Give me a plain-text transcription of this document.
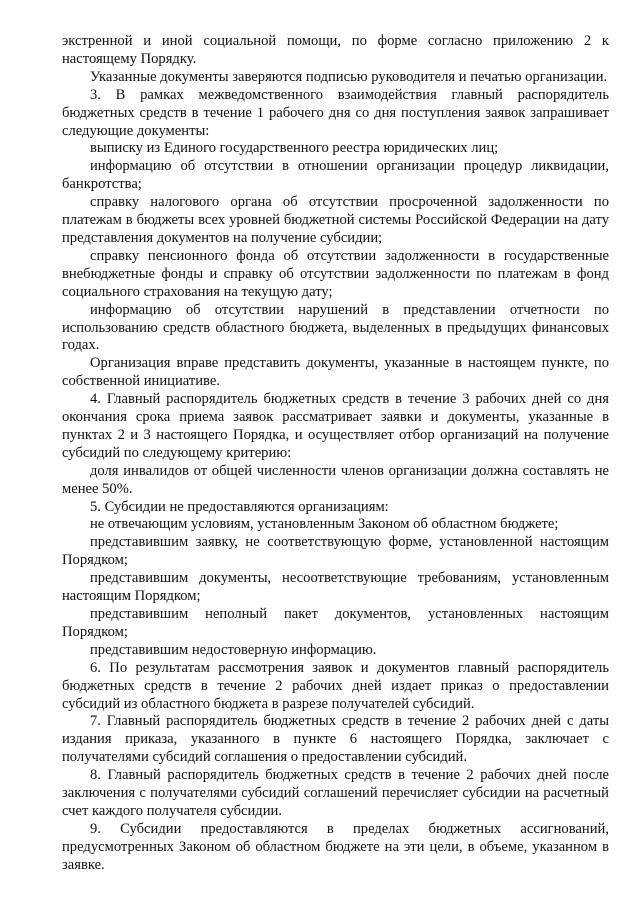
экстренной и иной социальной помощи, по форме согласно приложению 2 к настоящему Порядку.

Указанные документы заверяются подписью руководителя и печатью организации.

3. В рамках межведомственного взаимодействия главный распорядитель бюджетных средств в течение 1 рабочего дня со дня поступления заявок запрашивает следующие документы:

выписку из Единого государственного реестра юридических лиц;

информацию об отсутствии в отношении организации процедур ликвидации, банкротства;

справку налогового органа об отсутствии просроченной задолженности по платежам в бюджеты всех уровней бюджетной системы Российской Федерации на дату представления документов на получение субсидии;

справку пенсионного фонда об отсутствии задолженности в государственные внебюджетные фонды и справку об отсутствии задолженности по платежам в фонд социального страхования на текущую дату;

информацию об отсутствии нарушений в представлении отчетности по использованию средств областного бюджета, выделенных в предыдущих финансовых годах.

Организация вправе представить документы, указанные в настоящем пункте, по собственной инициативе.

4. Главный распорядитель бюджетных средств в течение 3 рабочих дней со дня окончания срока приема заявок рассматривает заявки и документы, указанные в пунктах 2 и 3 настоящего Порядка, и осуществляет отбор организаций на получение субсидий по следующему критерию:

доля инвалидов от общей численности членов организации должна составлять не менее 50%.

5. Субсидии не предоставляются организациям:

не отвечающим условиям, установленным Законом об областном бюджете;

представившим заявку, не соответствующую форме, установленной настоящим Порядком;

представившим документы, несоответствующие требованиям, установленным настоящим Порядком;

представившим неполный пакет документов, установленных настоящим Порядком;

представившим недостоверную информацию.

6. По результатам рассмотрения заявок и документов главный распорядитель бюджетных средств в течение 2 рабочих дней издает приказ о предоставлении субсидий из областного бюджета в разрезе получателей субсидий.

7. Главный распорядитель бюджетных средств в течение 2 рабочих дней с даты издания приказа, указанного в пункте 6 настоящего Порядка, заключает с получателями субсидий соглашения о предоставлении субсидий.

8. Главный распорядитель бюджетных средств в течение 2 рабочих дней после заключения с получателями субсидий соглашений перечисляет субсидии на расчетный счет каждого получателя субсидии.

9. Субсидии предоставляются в пределах бюджетных ассигнований, предусмотренных Законом об областном бюджете на эти цели, в объеме, указанном в заявке.
